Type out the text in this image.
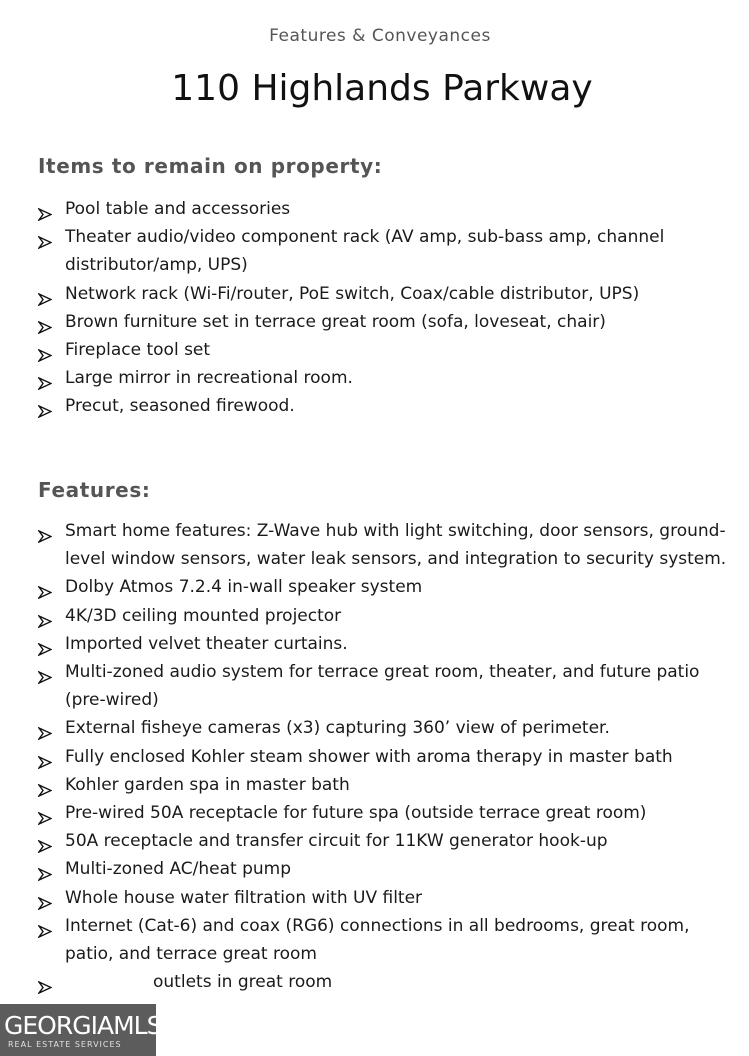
Features & Conveyances
110 Highlands Parkway
Items to remain on property:
Pool table and accessories
Theater audio/video component rack (AV amp, sub-bass amp, channel distributor/amp, UPS)
Network rack (Wi-Fi/router, PoE switch, Coax/cable distributor, UPS)
Brown furniture set in terrace great room (sofa, loveseat, chair)
Fireplace tool set
Large mirror in recreational room.
Precut, seasoned firewood.
Features:
Smart home features: Z-Wave hub with light switching, door sensors, ground-level window sensors, water leak sensors, and integration to security system.
Dolby Atmos 7.2.4 in-wall speaker system
4K/3D ceiling mounted projector
Imported velvet theater curtains.
Multi-zoned audio system for terrace great room, theater, and future patio (pre-wired)
External fisheye cameras (x3) capturing 360’ view of perimeter.
Fully enclosed Kohler steam shower with aroma therapy in master bath
Kohler garden spa in master bath
Pre-wired 50A receptacle for future spa (outside terrace great room)
50A receptacle and transfer circuit for 11KW generator hook-up
Multi-zoned AC/heat pump
Whole house water filtration with UV filter
Internet (Cat-6) and coax (RG6) connections in all bedrooms, great room, patio, and terrace great room
outlets in great room
GEORGIAMLS
REAL ESTATE SERVICES
